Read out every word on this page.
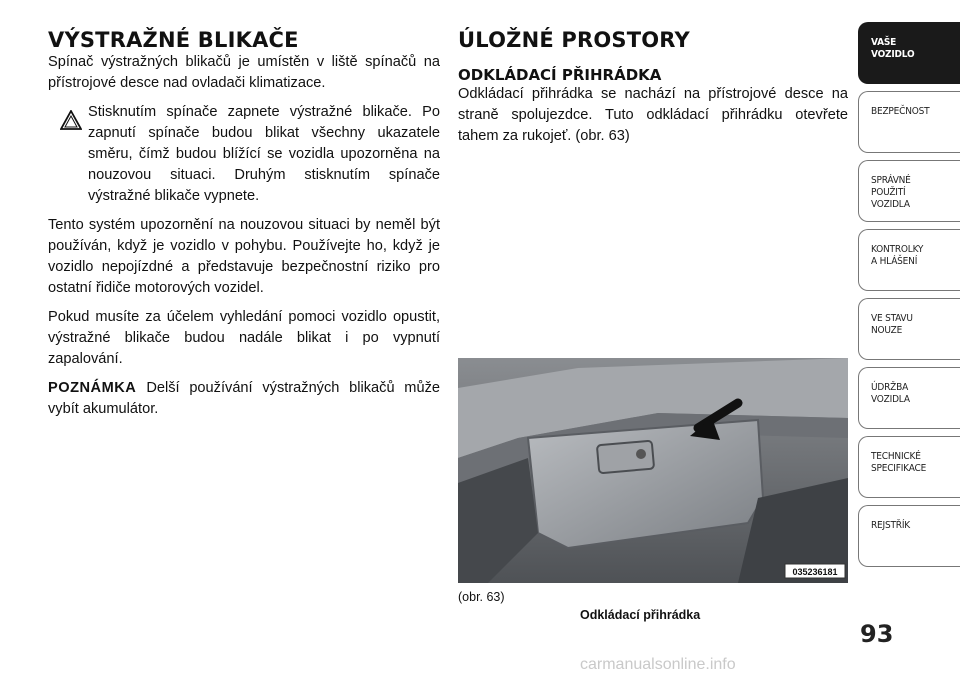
VÝSTRAŽNÉ BLIKAČE

Spínač výstražných blikačů je umístěn v liště spínačů na přístrojové desce nad ovladači klimatizace.

Stisknutím spínače zapnete výstražné blikače. Po zapnutí spínače budou blikat všechny ukazatele směru, čímž budou blížící se vozidla upozorněna na nouzovou situaci. Druhým stisknutím spínače výstražné blikače vypnete.

Tento systém upozornění na nouzovou situaci by neměl být používán, když je vozidlo v pohybu. Používejte ho, když je vozidlo nepojízdné a představuje bezpečnostní riziko pro ostatní řidiče motorových vozidel.

Pokud musíte za účelem vyhledání pomoci vozidlo opustit, výstražné blikače budou nadále blikat i po vypnutí zapalování.

POZNÁMKA Delší používání výstražných blikačů může vybít akumulátor.

ÚLOŽNÉ PROSTORY
ODKLÁDACÍ PŘIHRÁDKA

Odkládací přihrádka se nachází na přístrojové desce na straně spolujezdce. Tuto odkládací přihrádku otevřete tahem za rukojeť. (obr. 63)

035236181
(obr. 63)
Odkládací přihrádka
VAŠE
VOZIDLO
BEZPEČNOST
SPRÁVNÉ
POUŽITÍ
VOZIDLA
KONTROLKY
A HLÁŠENÍ
VE STAVU
NOUZE
ÚDRŽBA
VOZIDLA
TECHNICKÉ
SPECIFIKACE
REJSTŘÍK
93
carmanualsonline.info
